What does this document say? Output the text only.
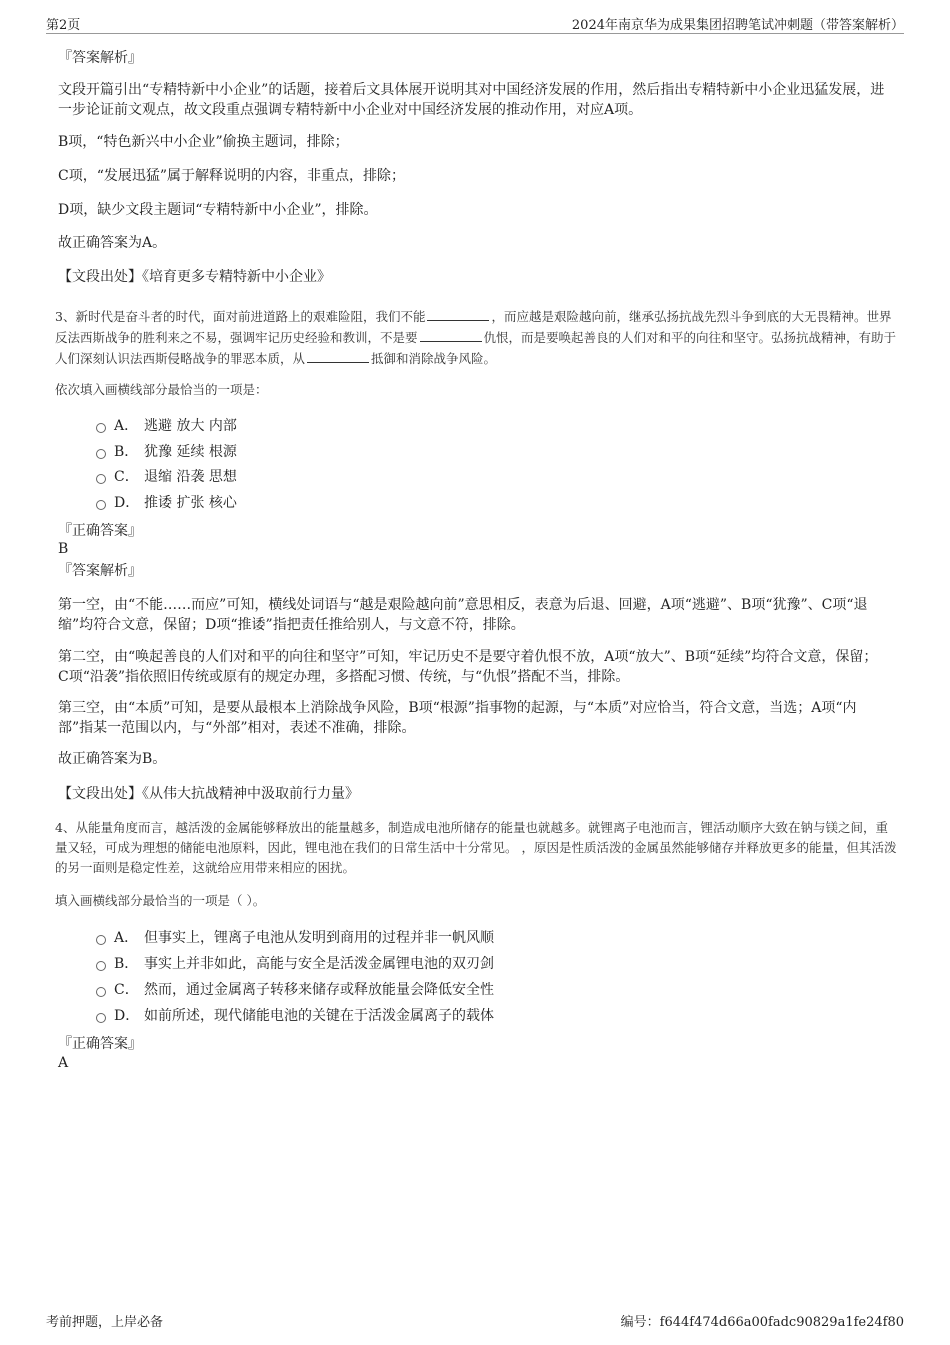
第2页	2024年南京华为成果集团招聘笔试冲刺题（带答案解析）
『答案解析』
文段开篇引出“专精特新中小企业”的话题，接着后文具体展开说明其对中国经济发展的作用，然后指出专精特新中小企业迅猛发展，进一步论证前文观点，故文段重点强调专精特新中小企业对中国经济发展的推动作用，对应A项。
B项，“特色新兴中小企业”偷换主题词，排除；
C项，“发展迅猛”属于解释说明的内容，非重点，排除；
D项，缺少文段主题词“专精特新中小企业”，排除。
故正确答案为A。
【文段出处】《培育更多专精特新中小企业》
3、新时代是奋斗者的时代，面对前进道路上的艰难险阻，我们不能	，而应越是艰险越向前，继承弘扬抗战先烈斗争到底的大无畏精神。世界反法西斯战争的胜利来之不易，强调牢记历史经验和教训，不是要	仇恨，而是要唤起善良的人们对和平的向往和坚守。弘扬抗战精神，有助于人们深刻认识法西斯侵略战争的罪恶本质，从	抵御和消除战争风险。
依次填入画横线部分最恰当的一项是：
A． 逃避 放大 内部
B． 犹豫 延续 根源
C． 退缩 沿袭 思想
D． 推诿 扩张 核心
『正确答案』
B
『答案解析』
第一空，由“不能……而应”可知，横线处词语与“越是艰险越向前”意思相反，表意为后退、回避，A项“逃避”、B项“犹豫”、C项“退缩”均符合文意，保留；D项“推诿”指把责任推给别人，与文意不符，排除。
第二空，由“唤起善良的人们对和平的向往和坚守”可知，牢记历史不是要守着仇恨不放，A项“放大”、B项“延续”均符合文意，保留；C项“沿袭”指依照旧传统或原有的规定办理，多搭配习惯、传统，与“仇恨”搭配不当，排除。
第三空，由“本质”可知，是要从最根本上消除战争风险，B项“根源”指事物的起源，与“本质”对应恰当，符合文意，当选；A项“内部”指某一范围以内，与“外部”相对，表述不准确，排除。
故正确答案为B。
【文段出处】《从伟大抗战精神中汲取前行力量》
4、从能量角度而言，越活泼的金属能够释放出的能量越多，制造成电池所储存的能量也就越多。就锂离子电池而言，锂活动顺序大致在钠与镁之间，重量又轻，可成为理想的储能电池原料，因此，锂电池在我们的日常生活中十分常见。 ，原因是性质活泼的金属虽然能够储存并释放更多的能量，但其活泼的另一面则是稳定性差，这就给应用带来相应的困扰。
填入画横线部分最恰当的一项是（ ）。
A． 但事实上，锂离子电池从发明到商用的过程并非一帆风顺
B． 事实上并非如此，高能与安全是活泼金属锂电池的双刃剑
C． 然而，通过金属离子转移来储存或释放能量会降低安全性
D． 如前所述，现代储能电池的关键在于活泼金属离子的载体
『正确答案』
A
考前押题，上岸必备	编号：f644f474d66a00fadc90829a1fe24f80
